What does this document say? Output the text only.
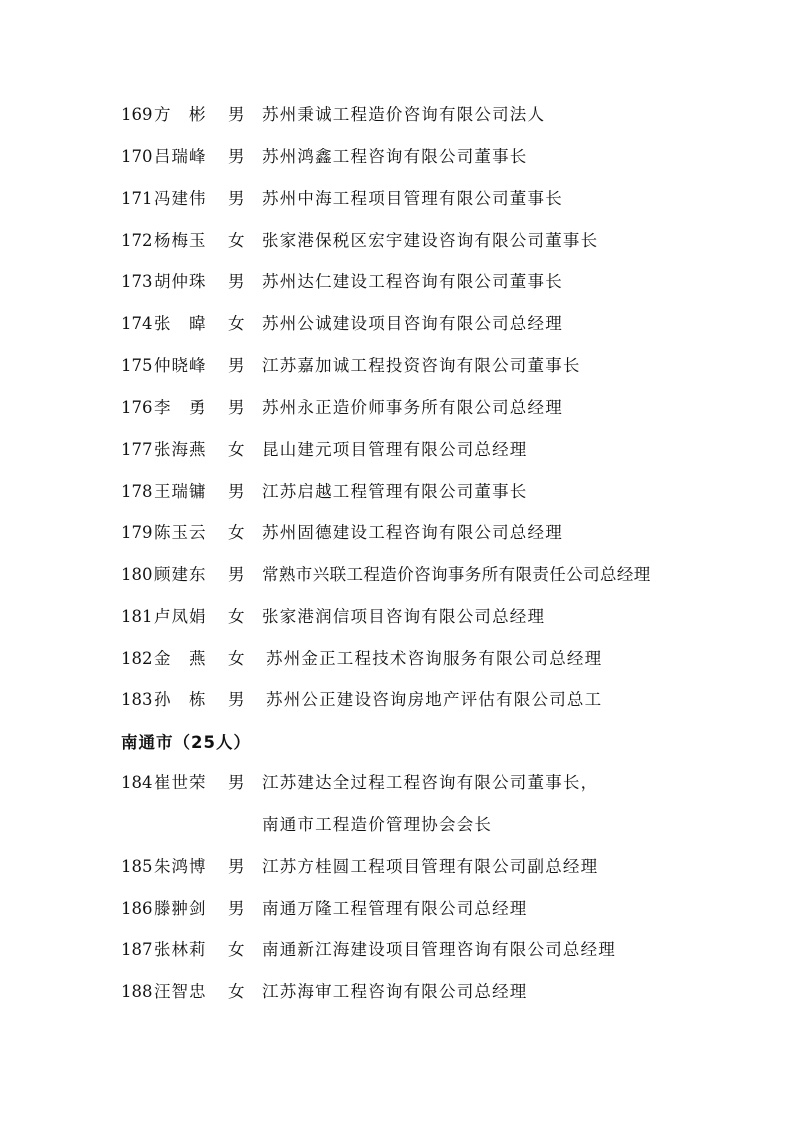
169 方　彬	男 苏州秉诚工程造价咨询有限公司法人
170 吕瑞峰	男 苏州鸿鑫工程咨询有限公司董事长
171 冯建伟	男 苏州中海工程项目管理有限公司董事长
172 杨梅玉	女 张家港保税区宏宇建设咨询有限公司董事长
173 胡仲珠	男 苏州达仁建设工程咨询有限公司董事长
174 张　暐	女 苏州公诚建设项目咨询有限公司总经理
175 仲晓峰	男 江苏嘉加诚工程投资咨询有限公司董事长
176 李　勇	男 苏州永正造价师事务所有限公司总经理
177 张海燕	女 昆山建元项目管理有限公司总经理
178 王瑞镛	男 江苏启越工程管理有限公司董事长
179 陈玉云	女 苏州固德建设工程咨询有限公司总经理
180 顾建东	男 常熟市兴联工程造价咨询事务所有限责任公司总经理
181 卢凤娟	女 张家港润信项目咨询有限公司总经理
182 金　燕	女 苏州金正工程技术咨询服务有限公司总经理
183 孙　栋	男 苏州公正建设咨询房地产评估有限公司总工
南通市（25人）
184 崔世荣	男 江苏建达全过程工程咨询有限公司董事长，
南通市工程造价管理协会会长
185 朱鸿博	男 江苏方桂圆工程项目管理有限公司副总经理
186 滕翀剑	男 南通万隆工程管理有限公司总经理
187 张林莉	女 南通新江海建设项目管理咨询有限公司总经理
188 汪智忠	女 江苏海审工程咨询有限公司总经理
